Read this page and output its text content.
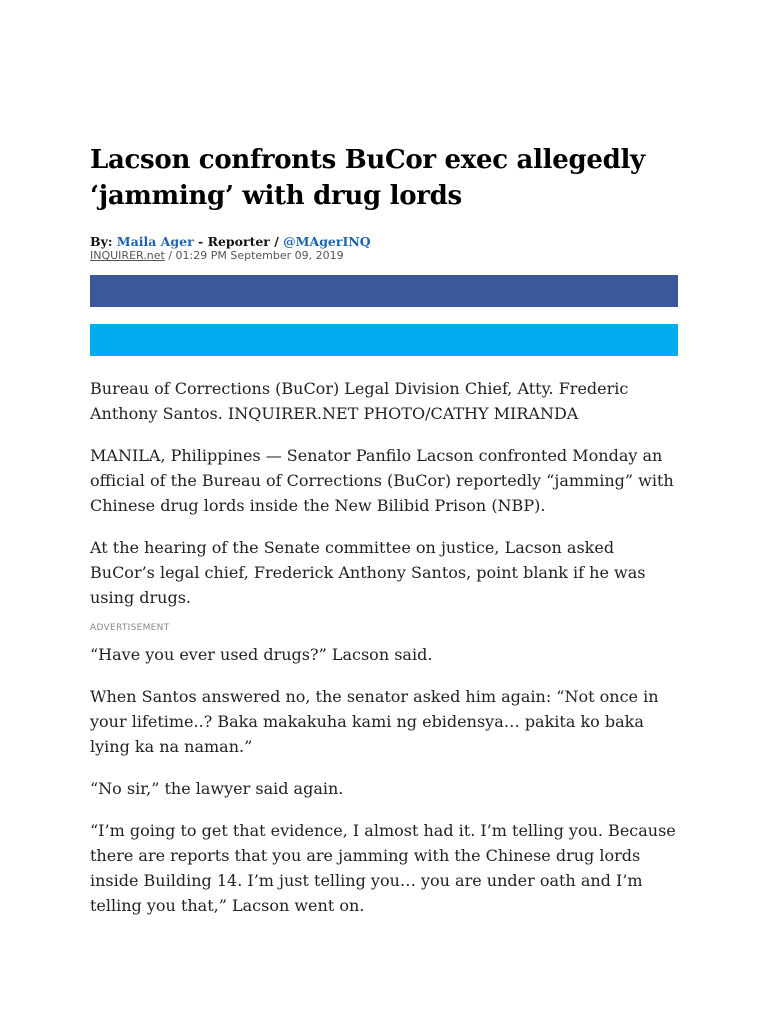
Lacson confronts BuCor exec allegedly ‘jamming’ with drug lords
By: Maila Ager - Reporter / @MAgerINQ
INQUIRER.net / 01:29 PM September 09, 2019

Bureau of Corrections (BuCor) Legal Division Chief, Atty. Frederic Anthony Santos. INQUIRER.NET PHOTO/CATHY MIRANDA

MANILA, Philippines — Senator Panfilo Lacson confronted Monday an official of the Bureau of Corrections (BuCor) reportedly “jamming” with Chinese drug lords inside the New Bilibid Prison (NBP).

At the hearing of the Senate committee on justice, Lacson asked BuCor’s legal chief, Frederick Anthony Santos, point blank if he was using drugs.

ADVERTISEMENT

“Have you ever used drugs?” Lacson said.

When Santos answered no, the senator asked him again: “Not once in your lifetime..? Baka makakuha kami ng ebidensya… pakita ko baka lying ka na naman.”

“No sir,” the lawyer said again.

“I’m going to get that evidence, I almost had it. I’m telling you. Because there are reports that you are jamming with the Chinese drug lords inside Building 14. I’m just telling you… you are under oath and I’m telling you that,” Lacson went on.
